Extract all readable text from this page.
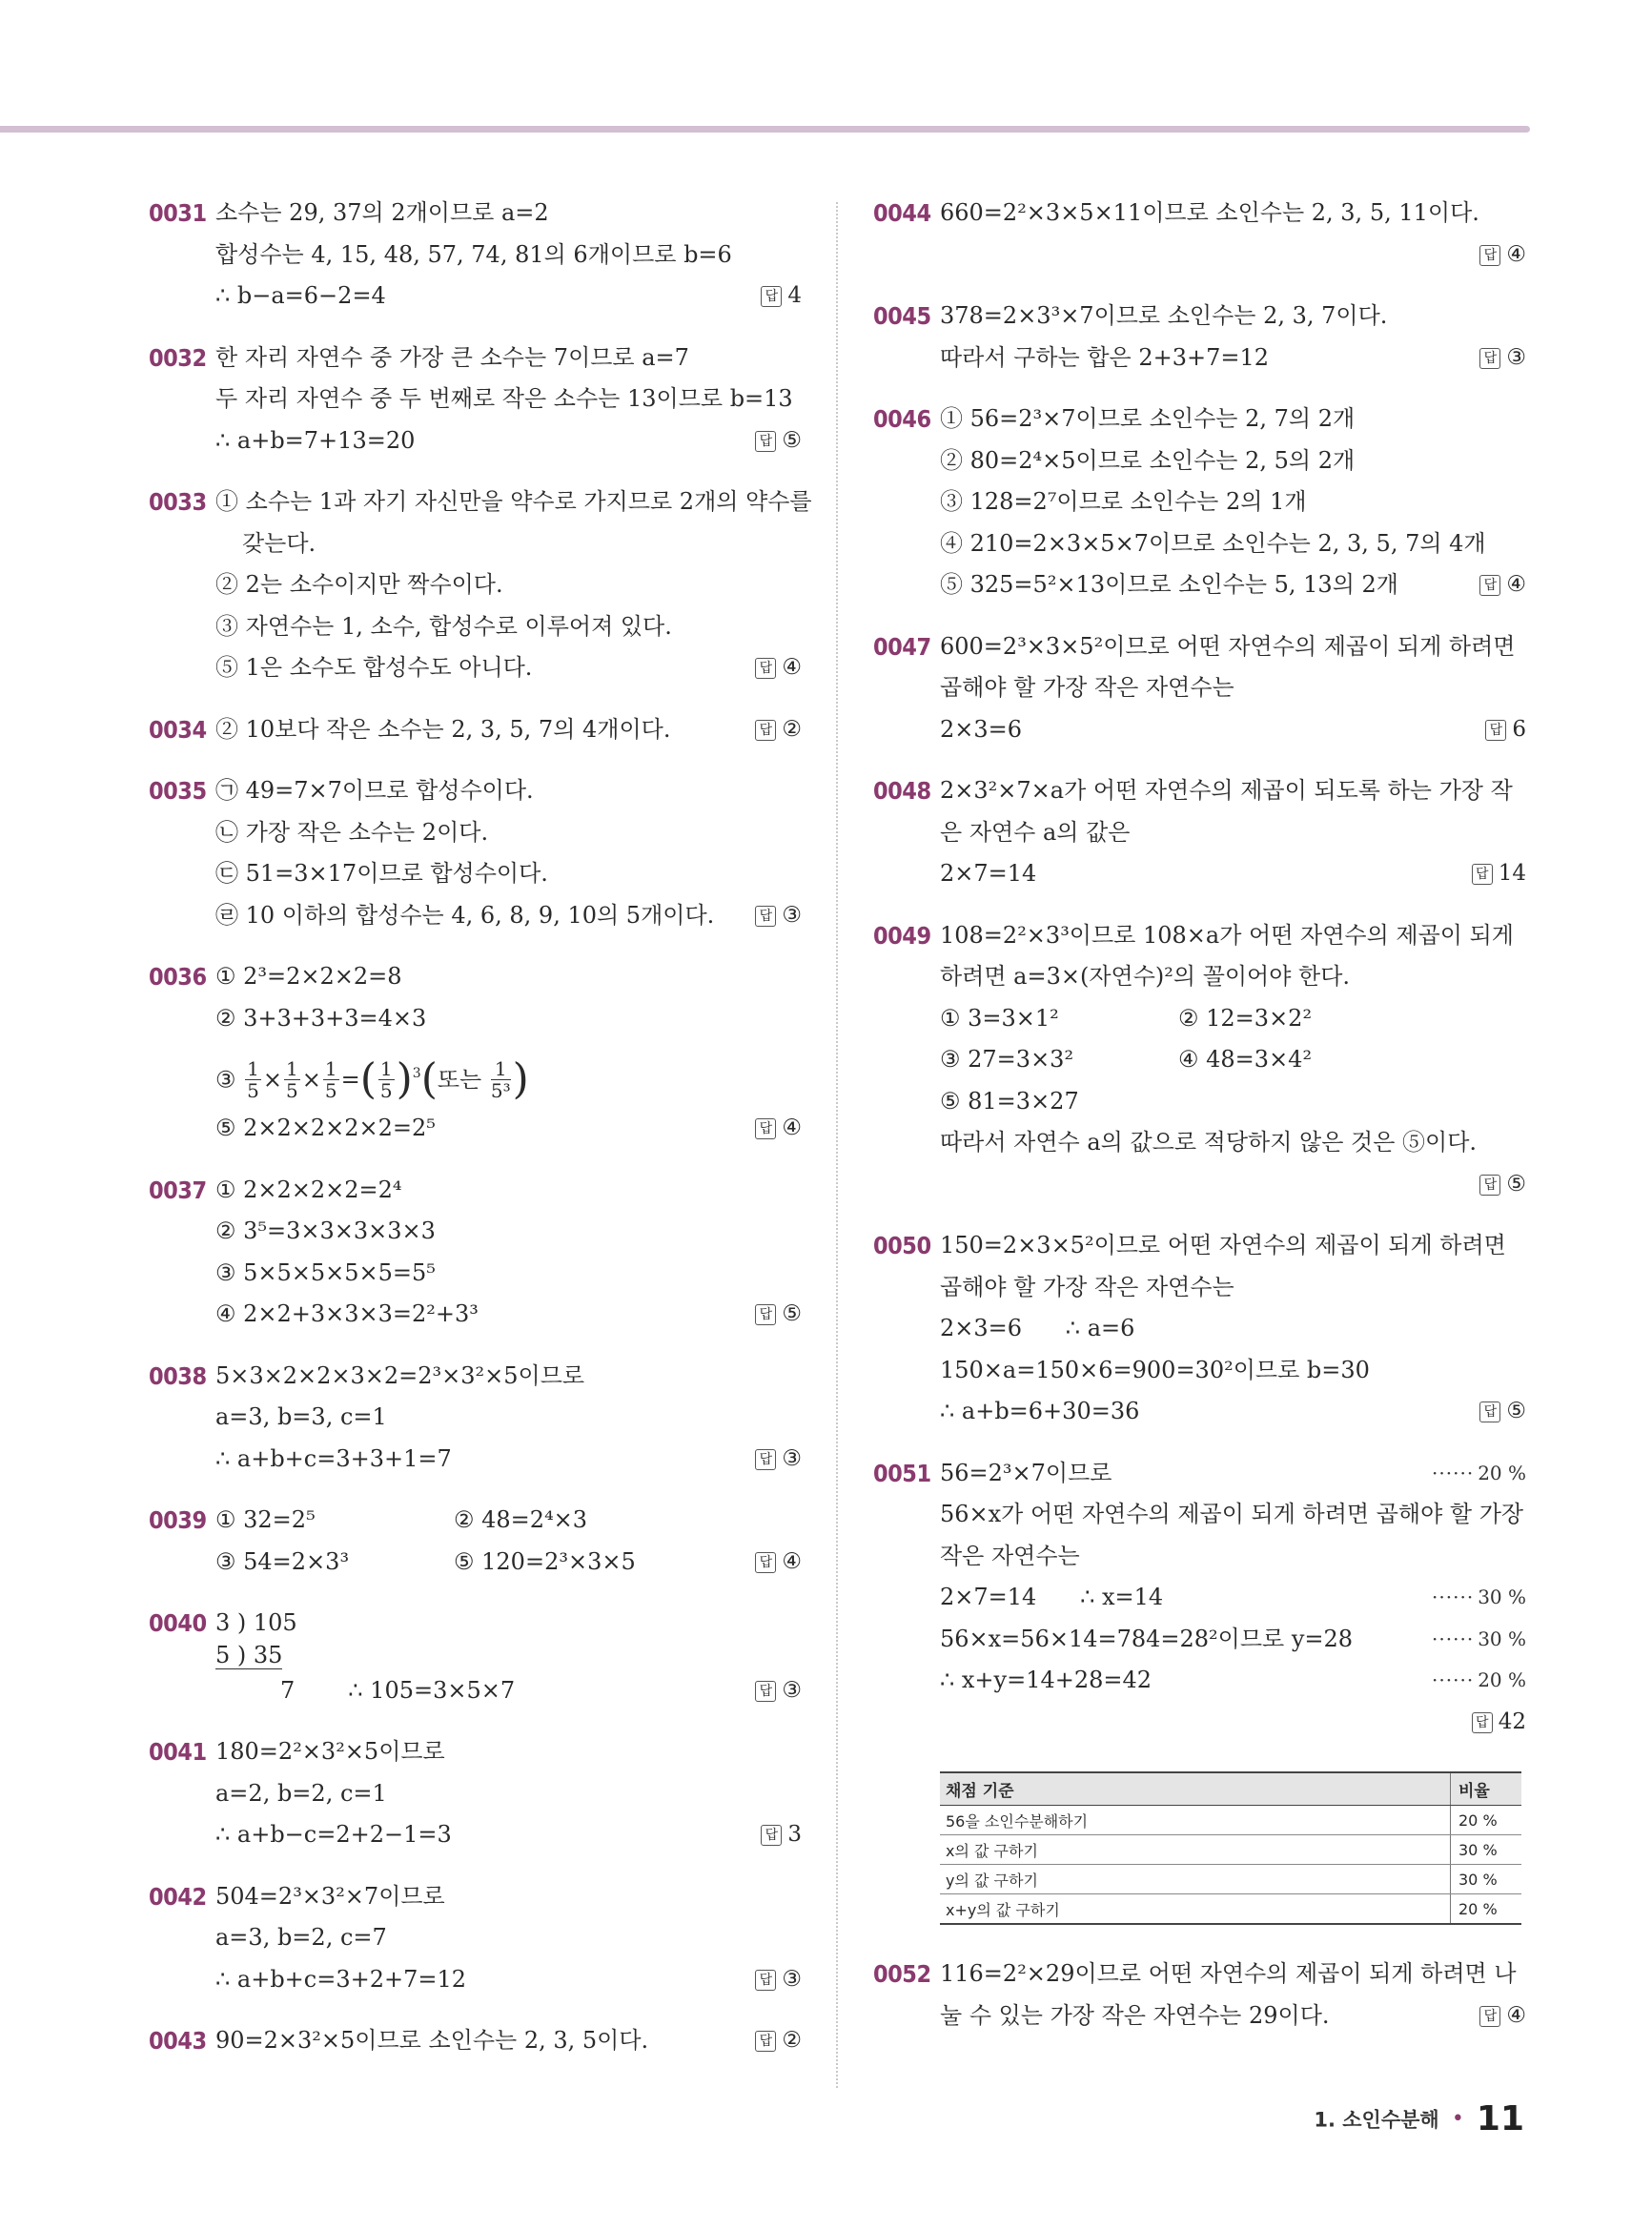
0031 소수는 29, 37의 2개이므로 a=2
합성수는 4, 15, 48, 57, 74, 81의 6개이므로 b=6
∴ b−a=6−2=4	답 4
0032 한 자리 자연수 중 가장 큰 소수는 7이므로 a=7
두 자리 자연수 중 두 번째로 작은 소수는 13이므로 b=13
∴ a+b=7+13=20	답 ⑤
0033 ① 소수는 1과 자기 자신만을 약수로 가지므로 2개의 약수를
갖는다.
② 2는 소수이지만 짝수이다.
③ 자연수는 1, 소수, 합성수로 이루어져 있다.
⑤ 1은 소수도 합성수도 아니다.	답 ④
0034 ② 10보다 작은 소수는 2, 3, 5, 7의 4개이다.	답 ②
0035 ㉠ 49=7×7이므로 합성수이다.
㉡ 가장 작은 소수는 2이다.
㉢ 51=3×17이므로 합성수이다.
㉣ 10 이하의 합성수는 4, 6, 8, 9, 10의 5개이다.	답 ③
0036 ① 2³=2×2×2=8
② 3+3+3+3=4×3
③ $\frac{1}{5} \times \frac{1}{5} \times \frac{1}{5}$ =( $\frac{1}{5} )^3$(또는 $\frac{1}{\text{5³}}$ )
⑤ 2×2×2×2×2=2⁵	답 ④
0037 ① 2×2×2×2=2⁴
② 3⁵=3×3×3×3×3
③ 5×5×5×5×5=5⁵
④ 2×2+3×3×3=2²+3³	답 ⑤
0038 5×3×2×2×3×2=2³×3²×5이므로
a=3, b=3, c=1
∴ a+b+c=3+3+1=7	답 ③
0039 ① 32=2⁵	② 48=2⁴×3
③ 54=2×3³	⑤ 120=2³×3×5	답 ④
0040 3 ) 105
5 ) 35
7 ∴ 105=3×5×7	답 ③
0041 180=2²×3²×5이므로
a=2, b=2, c=1
∴ a+b−c=2+2−1=3	답 3
0042 504=2³×3²×7이므로
a=3, b=2, c=7
∴ a+b+c=3+2+7=12	답 ③
0043 90=2×3²×5이므로 소인수는 2, 3, 5이다.	답 ②
0044 660=2²×3×5×11이므로 소인수는 2, 3, 5, 11이다.
답 ④
0045 378=2×3³×7이므로 소인수는 2, 3, 7이다.
따라서 구하는 합은 2+3+7=12	답 ③
0046 ① 56=2³×7이므로 소인수는 2, 7의 2개
② 80=2⁴×5이므로 소인수는 2, 5의 2개
③ 128=2⁷이므로 소인수는 2의 1개
④ 210=2×3×5×7이므로 소인수는 2, 3, 5, 7의 4개
⑤ 325=5²×13이므로 소인수는 5, 13의 2개	답 ④
0047 600=2³×3×5²이므로 어떤 자연수의 제곱이 되게 하려면
곱해야 할 가장 작은 자연수는
2×3=6	답 6
0048 2×3²×7×a가 어떤 자연수의 제곱이 되도록 하는 가장 작
은 자연수 a의 값은
2×7=14	답 14
0049 108=2²×3³이므로 108×a가 어떤 자연수의 제곱이 되게
하려면 a=3×(자연수)²의 꼴이어야 한다.
① 3=3×1²	② 12=3×2²
③ 27=3×3²	④ 48=3×4²
⑤ 81=3×27
따라서 자연수 a의 값으로 적당하지 않은 것은 ⑤이다.
답 ⑤
0050 150=2×3×5²이므로 어떤 자연수의 제곱이 되게 하려면
곱해야 할 가장 작은 자연수는
2×3=6      ∴ a=6
150×a=150×6=900=30²이므로 b=30
∴ a+b=6+30=36	답 ⑤
0051 56=2³×7이므로	······ 20 %
56×x가 어떤 자연수의 제곱이 되게 하려면 곱해야 할 가장
작은 자연수는
2×7=14      ∴ x=14	······ 30 %
56×x=56×14=784=28²이므로 y=28	······ 30 %
∴ x+y=14+28=42	······ 20 %
답 42
채점 기준	비율
56을 소인수분해하기	20 %
x의 값 구하기	30 %
y의 값 구하기	30 %
x+y의 값 구하기	20 %
0052 116=2²×29이므로 어떤 자연수의 제곱이 되게 하려면 나
눌 수 있는 가장 작은 자연수는 29이다.	답 ④
1. 소인수분해 • 11
